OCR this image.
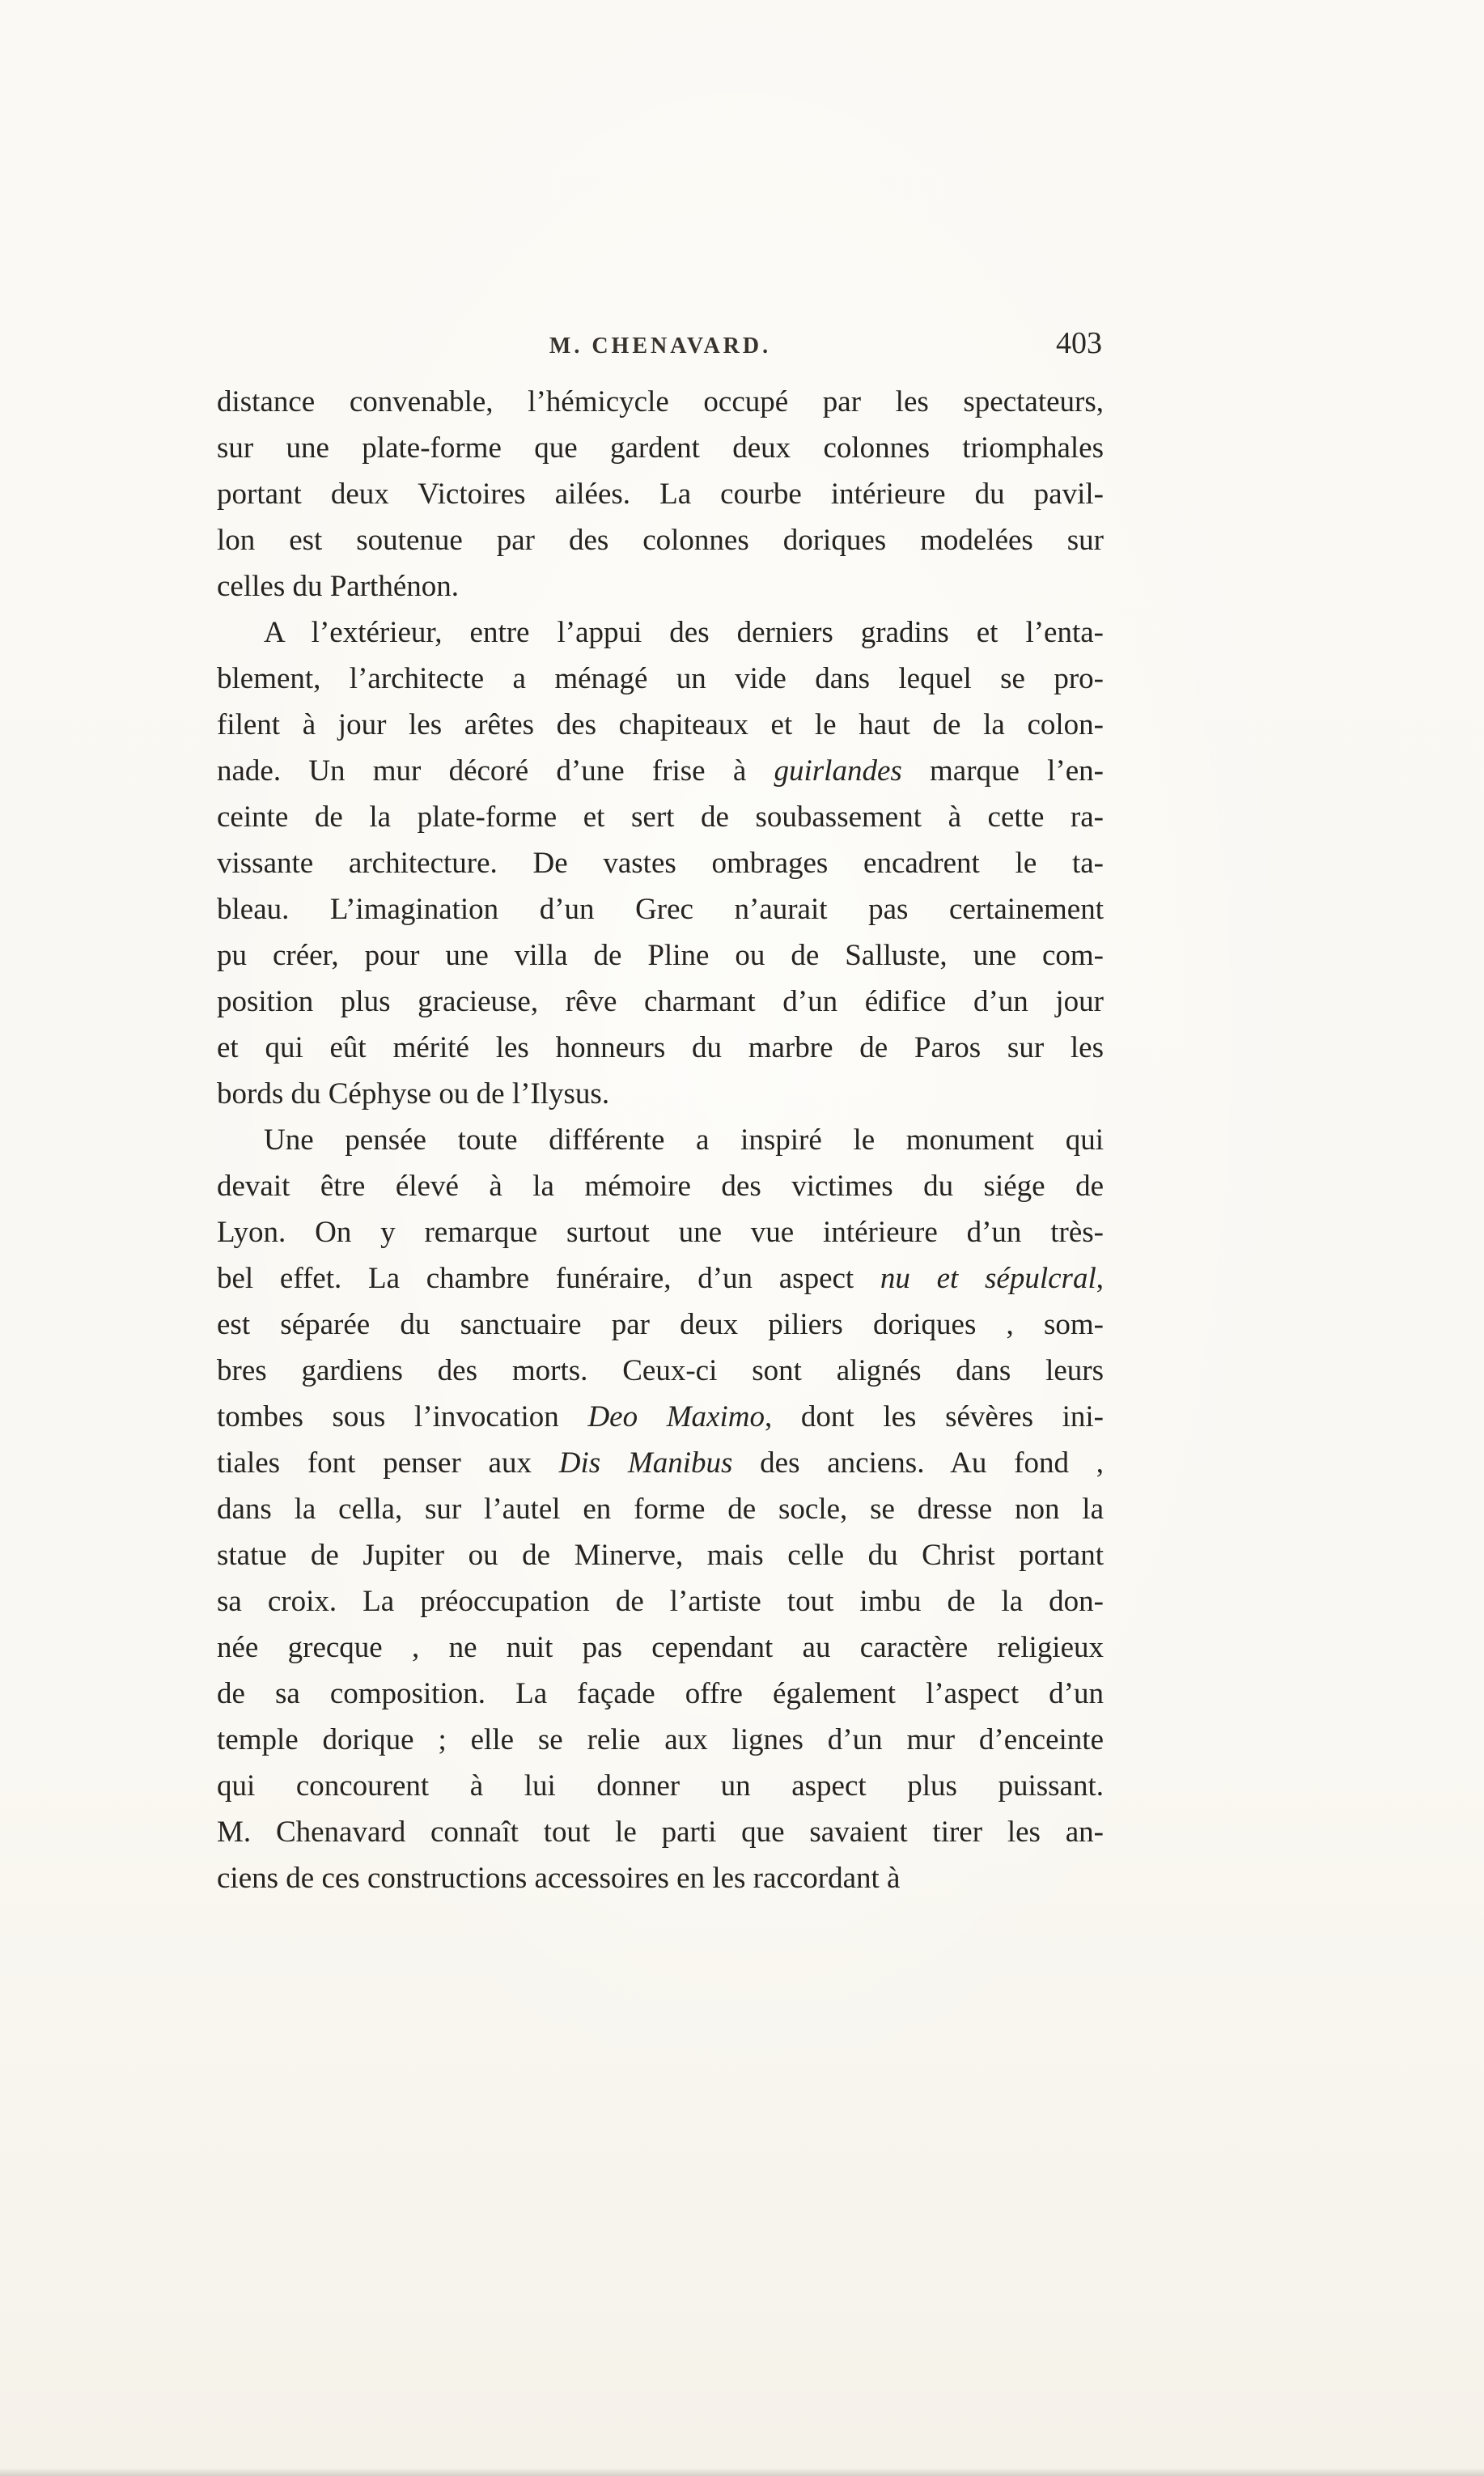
M. CHENAVARD.	403
distance convenable, l’hémicycle occupé par les spectateurs,
sur une plate-forme que gardent deux colonnes triomphales
portant deux Victoires ailées. La courbe intérieure du pavil-
lon est soutenue par des colonnes doriques modelées sur
celles du Parthénon.
A l’extérieur, entre l’appui des derniers gradins et l’enta-
blement, l’architecte a ménagé un vide dans lequel se pro-
filent à jour les arêtes des chapiteaux et le haut de la colon-
nade. Un mur décoré d’une frise à guirlandes marque l’en-
ceinte de la plate-forme et sert de soubassement à cette ra-
vissante architecture. De vastes ombrages encadrent le ta-
bleau. L’imagination d’un Grec n’aurait pas certainement
pu créer, pour une villa de Pline ou de Salluste, une com-
position plus gracieuse, rêve charmant d’un édifice d’un jour
et qui eût mérité les honneurs du marbre de Paros sur les
bords du Céphyse ou de l’Ilysus.
Une pensée toute différente a inspiré le monument qui
devait être élevé à la mémoire des victimes du siége de
Lyon. On y remarque surtout une vue intérieure d’un très-
bel effet. La chambre funéraire, d’un aspect nu et sépulcral,
est séparée du sanctuaire par deux piliers doriques , som-
bres gardiens des morts. Ceux-ci sont alignés dans leurs
tombes sous l’invocation Deo Maximo, dont les sévères ini-
tiales font penser aux Dis Manibus des anciens. Au fond ,
dans la cella, sur l’autel en forme de socle, se dresse non la
statue de Jupiter ou de Minerve, mais celle du Christ portant
sa croix. La préoccupation de l’artiste tout imbu de la don-
née grecque , ne nuit pas cependant au caractère religieux
de sa composition. La façade offre également l’aspect d’un
temple dorique ; elle se relie aux lignes d’un mur d’enceinte
qui concourent à lui donner un aspect plus puissant.
M. Chenavard connaît tout le parti que savaient tirer les an-
ciens de ces constructions accessoires en les raccordant à
